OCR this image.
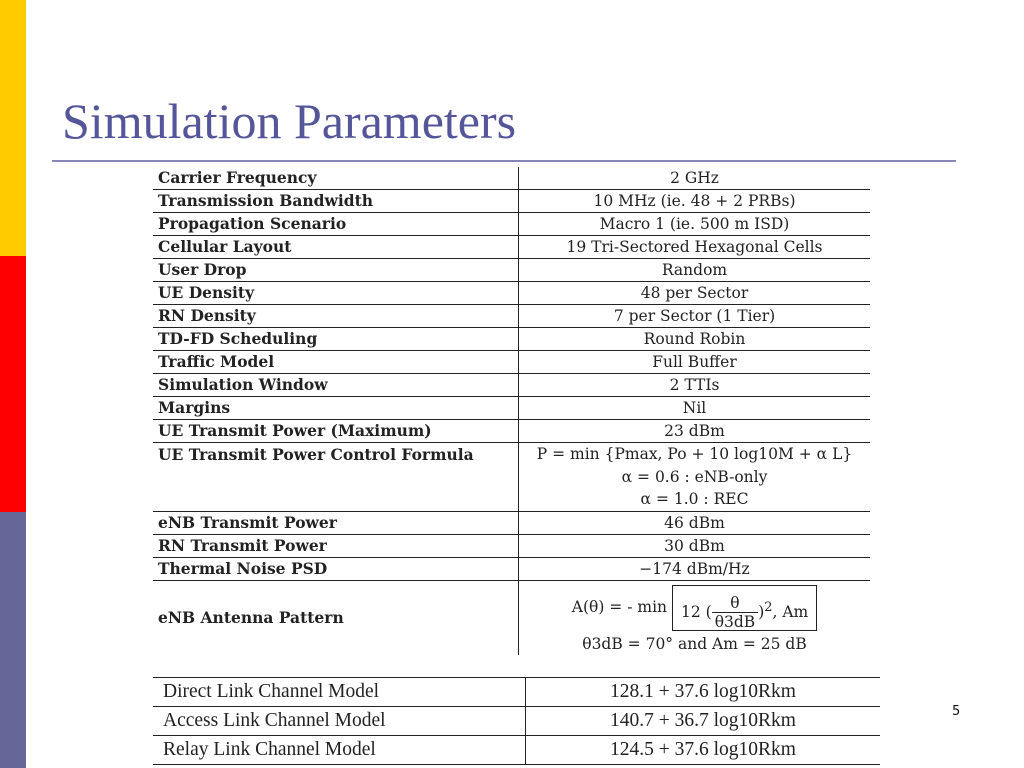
Simulation Parameters
Carrier Frequency	2 GHz
Transmission Bandwidth	10 MHz (ie. 48 + 2 PRBs)
Propagation Scenario	Macro 1 (ie. 500 m ISD)
Cellular Layout	19 Tri-Sectored Hexagonal Cells
User Drop	Random
UE Density	48 per Sector
RN Density	7 per Sector (1 Tier)
TD-FD Scheduling	Round Robin
Traffic Model	Full Buffer
Simulation Window	2 TTIs
Margins	Nil
UE Transmit Power (Maximum)	23 dBm
UE Transmit Power Control Formula	P = min {Pmax, Po + 10 log10M + α L}
α = 0.6 : eNB-only
α = 1.0 : REC

eNB Transmit Power	46 dBm
RN Transmit Power	30 dBm
Thermal Noise PSD	−174 dBm/Hz
eNB Antenna Pattern	A(θ) = - min 12 ( $\frac{\theta}{\theta 3dB} )^2$, Am
θ3dB = 70° and Am = 25 dB
Direct Link Channel Model	128.1 + 37.6 log10Rkm
Access Link Channel Model	140.7 + 36.7 log10Rkm
Relay Link Channel Model	124.5 + 37.6 log10Rkm
5
